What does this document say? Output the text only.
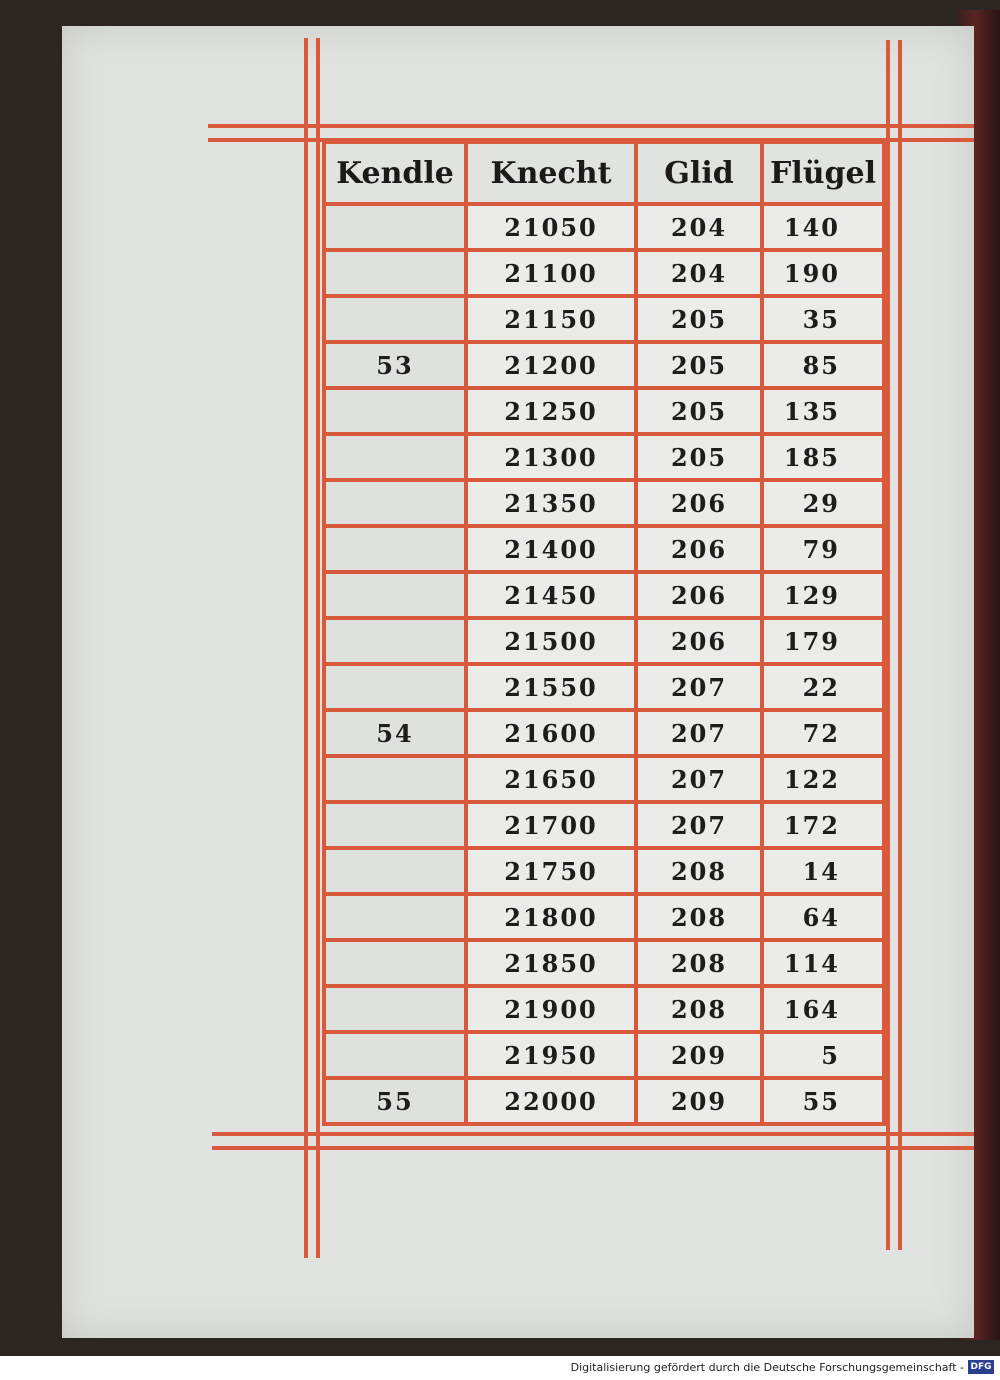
Kendle	Knecht	Glid	Flügel
	21050	204	140
	21100	204	190
	21150	205	35
53	21200	205	85
	21250	205	135
	21300	205	185
	21350	206	29
	21400	206	79
	21450	206	129
	21500	206	179
	21550	207	22
54	21600	207	72
	21650	207	122
	21700	207	172
	21750	208	14
	21800	208	64
	21850	208	114
	21900	208	164
	21950	209	5
55	22000	209	55
Digitalisierung gefördert durch die Deutsche Forschungsgemeinschaft - DFG
